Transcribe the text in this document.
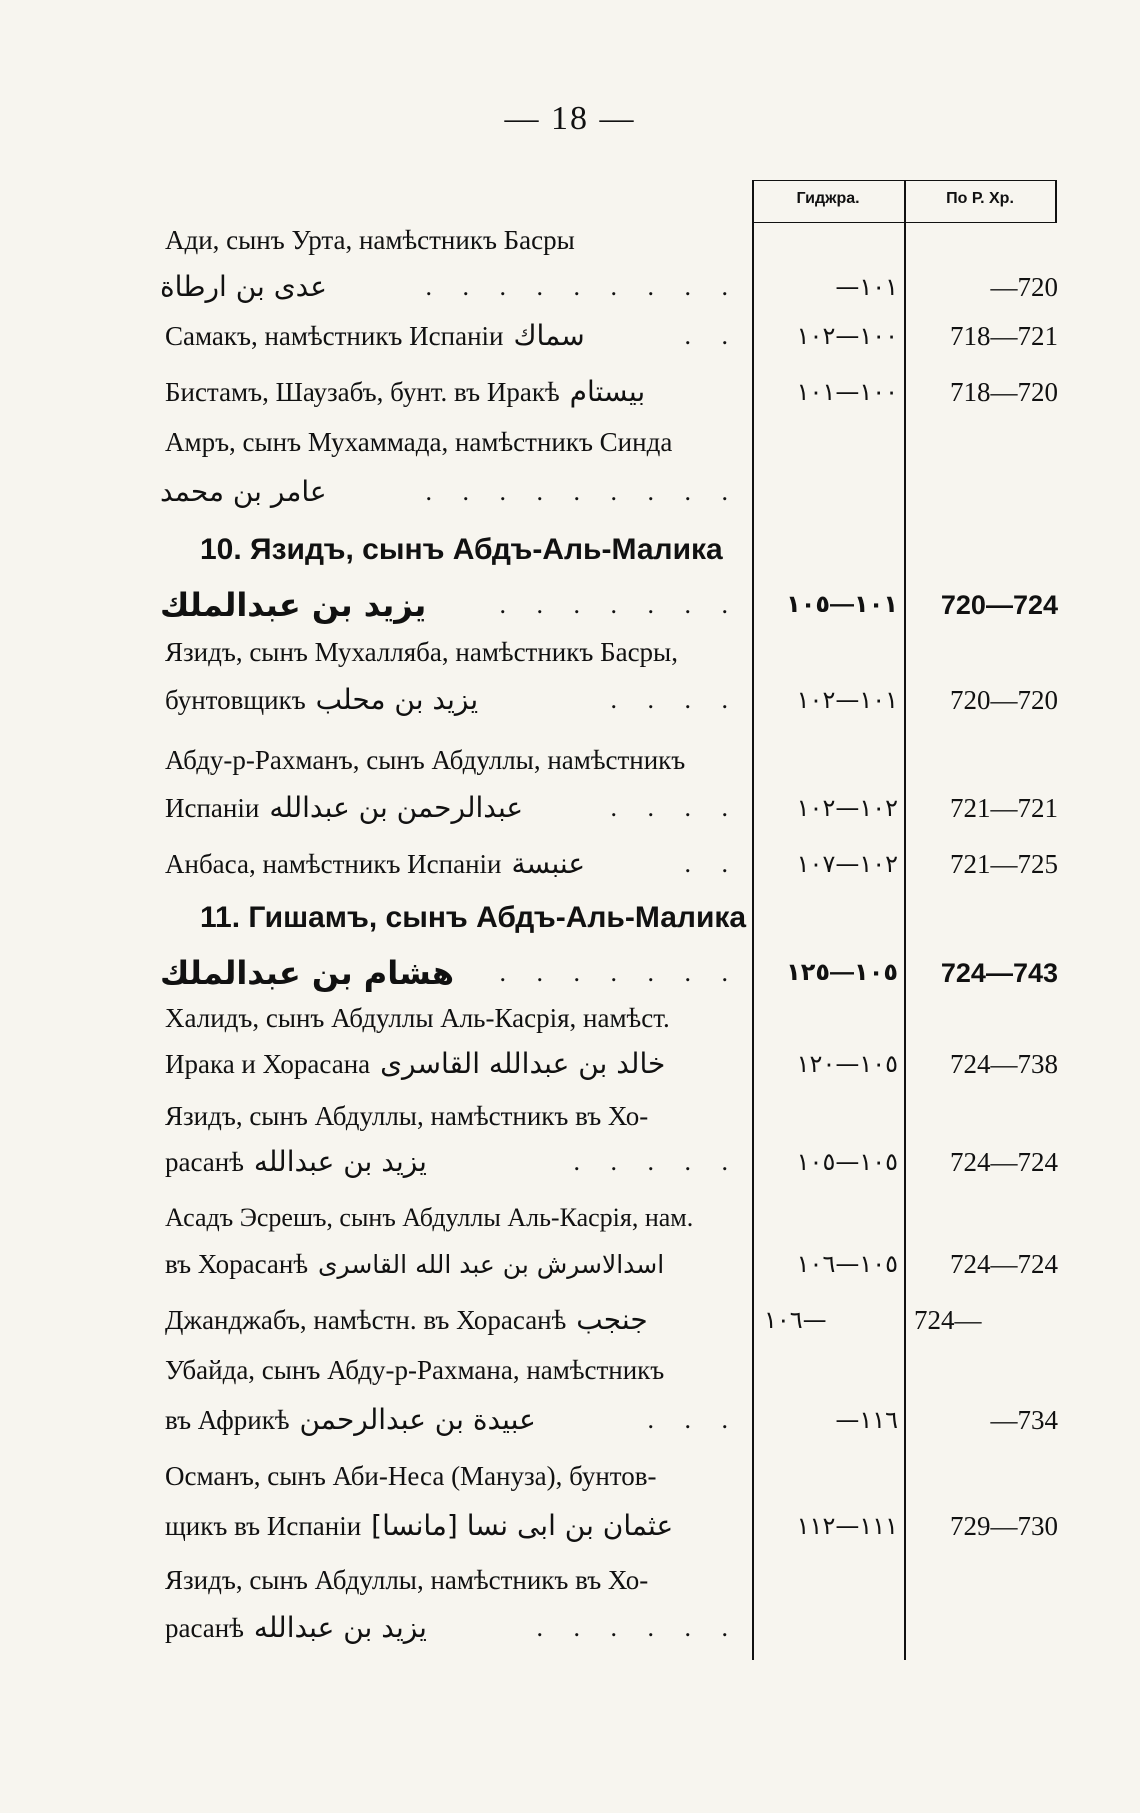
— 18 —
Гиджра.	По Р. Хр.
Ади, сынъ Урта, намѣстникъ Басры
عدى بن ارطاة	. . . . . . . . .	—١٠١	—720
Самакъ, намѣстникъ Испаніи سماك	. .	١٠٠—١٠٢	718—721
Бистамъ, Шаузабъ, бунт. въ Иракѣ بيستام	١٠٠—١٠١	718—720
Амръ, сынъ Мухаммада, намѣстникъ Синда
عامر بن محمد	. . . . . . . . .
10. Язидъ, сынъ Абдъ-Аль-Малика
يزيد بن عبدالملك	. . . . . . .	١٠١—١٠٥	720—724
Язидъ, сынъ Мухалляба, намѣстникъ Басры,
бунтовщикъ يزيد بن محلب	. . . .	١٠١—١٠٢	720—720
Абду-р-Рахманъ, сынъ Абдуллы, намѣстникъ
Испаніи عبدالرحمن بن عبدالله	. . . .	١٠٢—١٠٢	721—721
Анбаса, намѣстникъ Испаніи عنبسة	. .	١٠٢—١٠٧	721—725
11. Гишамъ, сынъ Абдъ-Аль-Малика
هشام بن عبدالملك . . . . . . .	١٠٥—١٢٥	724—743
Халидъ, сынъ Абдуллы Аль-Касрія, намѣст.
Ирака и Хорасана خالد بن عبدالله القاسرى	١٠٥—١٢٠	724—738
Язидъ, сынъ Абдуллы, намѣстникъ въ Хо-
расанѣ يزيد بن عبدالله	. . . . .	١٠٥—١٠٥	724—724
Асадъ Эсрешъ, сынъ Абдуллы Аль-Касрія, нам.
въ Хорасанѣ اسدالاسرش بن عبد الله القاسرى	١٠٥—١٠٦	724—724
Джанджабъ, намѣстн. въ Хорасанѣ جنجب	١٠٦—	724—
Убайда, сынъ Абду-р-Рахмана, намѣстникъ
въ Африкѣ عبيدة بن عبدالرحمن	. . .	—١١٦	—734
Османъ, сынъ Аби-Неса (Мануза), бунтов-
щикъ въ Испаніи عثمان بن ابى نسا [مانسا]	١١١—١١٢	729—730
Язидъ, сынъ Абдуллы, намѣстникъ въ Хо-
расанѣ يزيد بن عبدالله	. . . . . .
